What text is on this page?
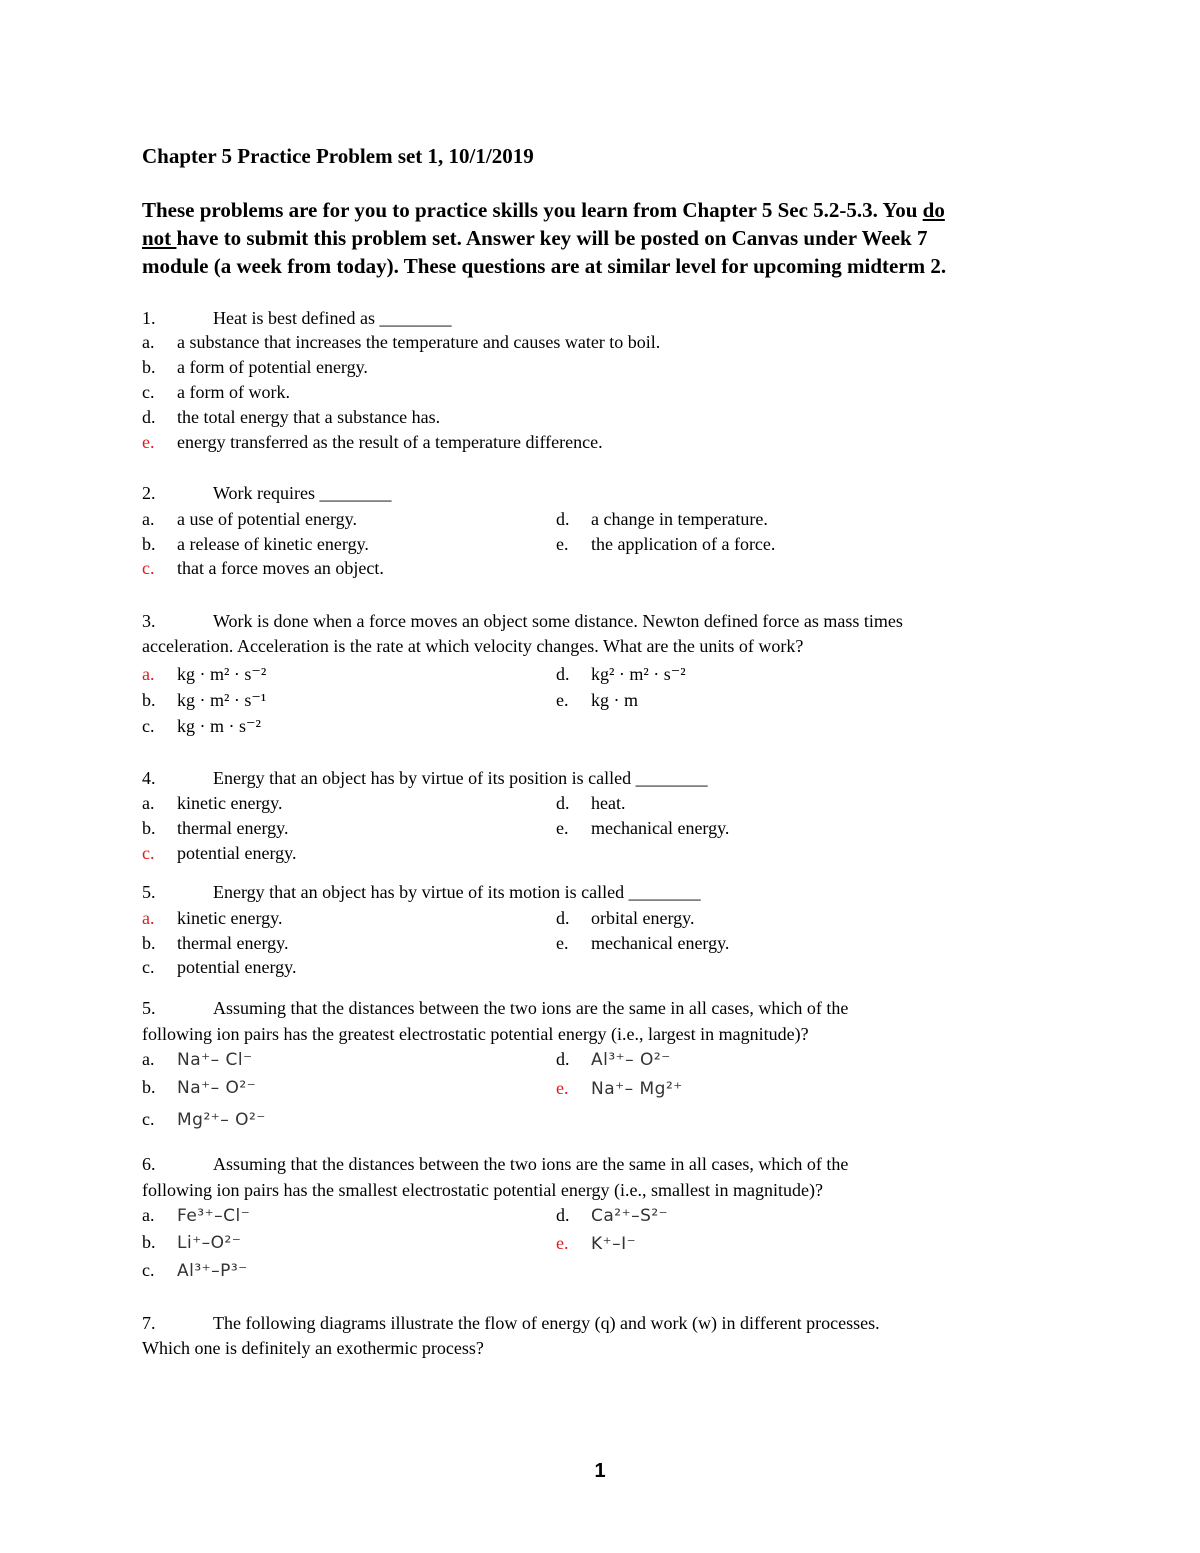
Chapter 5 Practice Problem set 1, 10/1/2019
These problems are for you to practice skills you learn from Chapter 5 Sec 5.2-5.3. You do
not have to submit this problem set. Answer key will be posted on Canvas under Week 7
module (a week from today). These questions are at similar level for upcoming midterm 2.
1.	Heat is best defined as ________
a. a substance that increases the temperature and causes water to boil.
b. a form of potential energy.
c. a form of work.
d. the total energy that a substance has.
e. energy transferred as the result of a temperature difference.
2.	Work requires ________
a. a use of potential energy.
b. a release of kinetic energy.
c. that a force moves an object.
d. a change in temperature.
e. the application of a force.
3.	Work is done when a force moves an object some distance. Newton defined force as mass times
acceleration. Acceleration is the rate at which velocity changes. What are the units of work?
a. kg · m² · s⁻²
b. kg · m² · s⁻¹
c. kg · m · s⁻²
d. kg² · m² · s⁻²
e. kg · m
4.	Energy that an object has by virtue of its position is called ________
a. kinetic energy.
b. thermal energy.
c. potential energy.
d. heat.
e. mechanical energy.
5.	Energy that an object has by virtue of its motion is called ________
a. kinetic energy.
b. thermal energy.
c. potential energy.
d. orbital energy.
e. mechanical energy.
5.	Assuming that the distances between the two ions are the same in all cases, which of the
following ion pairs has the greatest electrostatic potential energy (i.e., largest in magnitude)?
a. Na⁺– Cl⁻
b. Na⁺– O²⁻
c. Mg²⁺– O²⁻
d. Al³⁺– O²⁻
e. Na⁺– Mg²⁺
6.	Assuming that the distances between the two ions are the same in all cases, which of the
following ion pairs has the smallest electrostatic potential energy (i.e., smallest in magnitude)?
a. Fe³⁺–Cl⁻
b. Li⁺–O²⁻
c. Al³⁺–P³⁻
d. Ca²⁺–S²⁻
e. K⁺–I⁻
7.	The following diagrams illustrate the flow of energy (q) and work (w) in different processes.
Which one is definitely an exothermic process?
1
